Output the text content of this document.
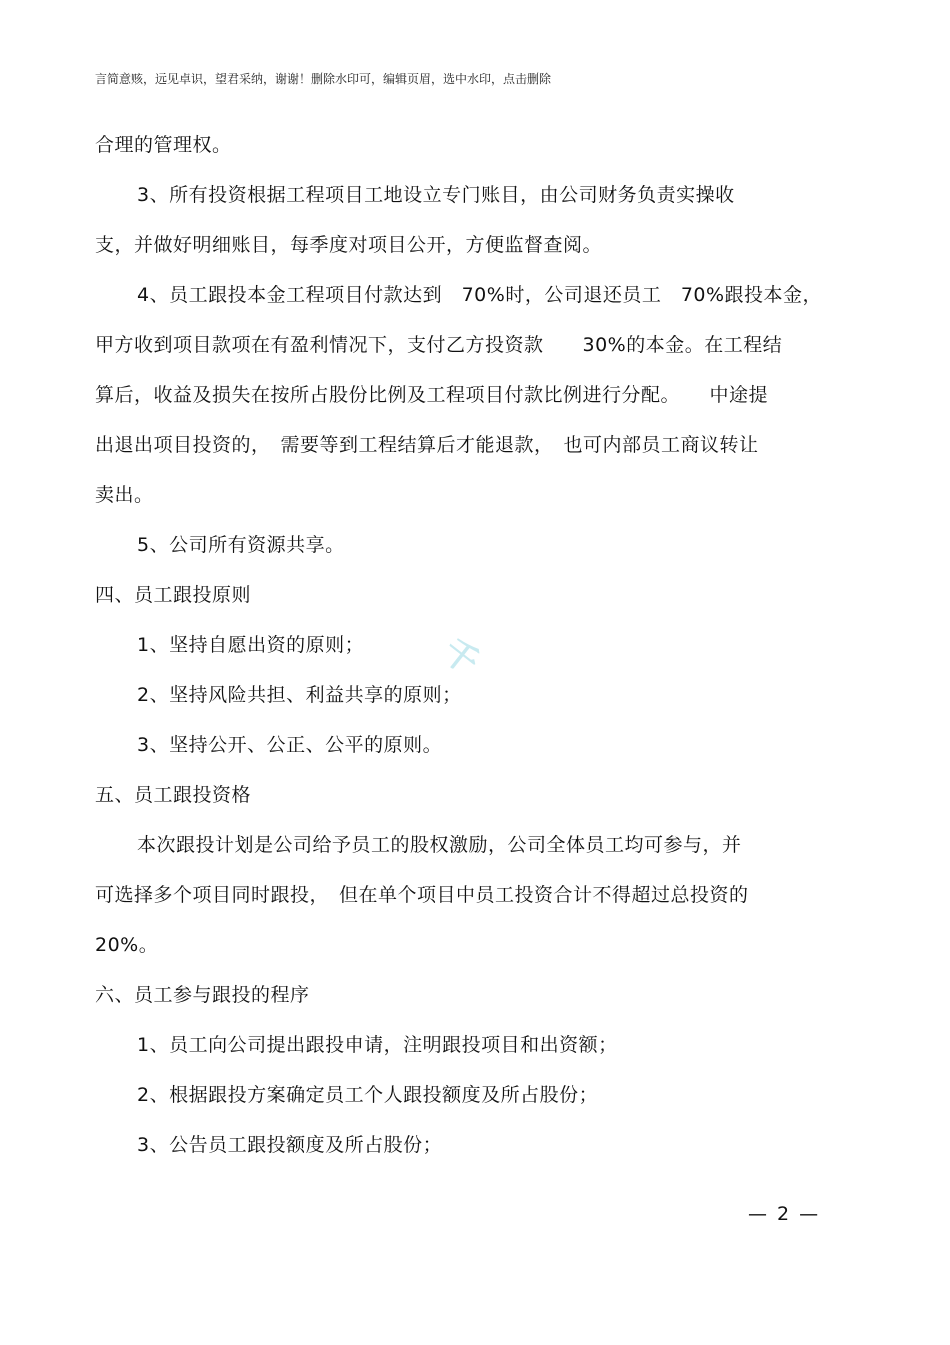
言简意赅，远见卓识，望君采纳，谢谢！删除水印可，编辑页眉，选中水印，点击删除
合理的管理权。
3、所有投资根据工程项目工地设立专门账目，由公司财务负责实操收
支，并做好明细账目，每季度对项目公开，方便监督查阅。
4、员工跟投本金工程项目付款达到　70%时，公司退还员工　70%跟投本金，
甲方收到项目款项在有盈利情况下，支付乙方投资款　　30%的本金。在工程结
算后，收益及损失在按所占股份比例及工程项目付款比例进行分配。　　中途提
出退出项目投资的，　需要等到工程结算后才能退款，　也可内部员工商议转让
卖出。
5、公司所有资源共享。
四、员工跟投原则
1、坚持自愿出资的原则；
2、坚持风险共担、利益共享的原则；
3、坚持公开、公正、公平的原则。
五、员工跟投资格
本次跟投计划是公司给予员工的股权激励，公司全体员工均可参与，并
可选择多个项目同时跟投，　但在单个项目中员工投资合计不得超过总投资的
20%。
六、员工参与跟投的程序
1、员工向公司提出跟投申请，注明跟投项目和出资额；
2、根据跟投方案确定员工个人跟投额度及所占股份；
3、公告员工跟投额度及所占股份；
千
— 2 —
